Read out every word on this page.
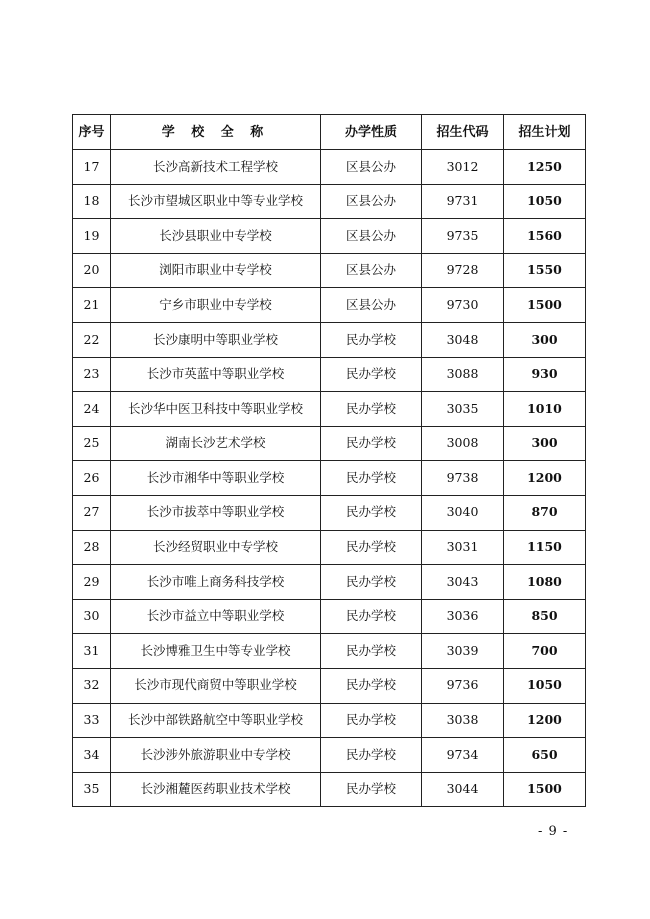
序号	学 校 全 称	办学性质	招生代码	招生计划
17	长沙高新技术工程学校	区县公办	3012	1250
18	长沙市望城区职业中等专业学校	区县公办	9731	1050
19	长沙县职业中专学校	区县公办	9735	1560
20	浏阳市职业中专学校	区县公办	9728	1550
21	宁乡市职业中专学校	区县公办	9730	1500
22	长沙康明中等职业学校	民办学校	3048	300
23	长沙市英蓝中等职业学校	民办学校	3088	930
24	长沙华中医卫科技中等职业学校	民办学校	3035	1010
25	湖南长沙艺术学校	民办学校	3008	300
26	长沙市湘华中等职业学校	民办学校	9738	1200
27	长沙市拔萃中等职业学校	民办学校	3040	870
28	长沙经贸职业中专学校	民办学校	3031	1150
29	长沙市唯上商务科技学校	民办学校	3043	1080
30	长沙市益立中等职业学校	民办学校	3036	850
31	长沙博雅卫生中等专业学校	民办学校	3039	700
32	长沙市现代商贸中等职业学校	民办学校	9736	1050
33	长沙中部铁路航空中等职业学校	民办学校	3038	1200
34	长沙涉外旅游职业中专学校	民办学校	9734	650
35	长沙湘麓医药职业技术学校	民办学校	3044	1500
- 9 -
